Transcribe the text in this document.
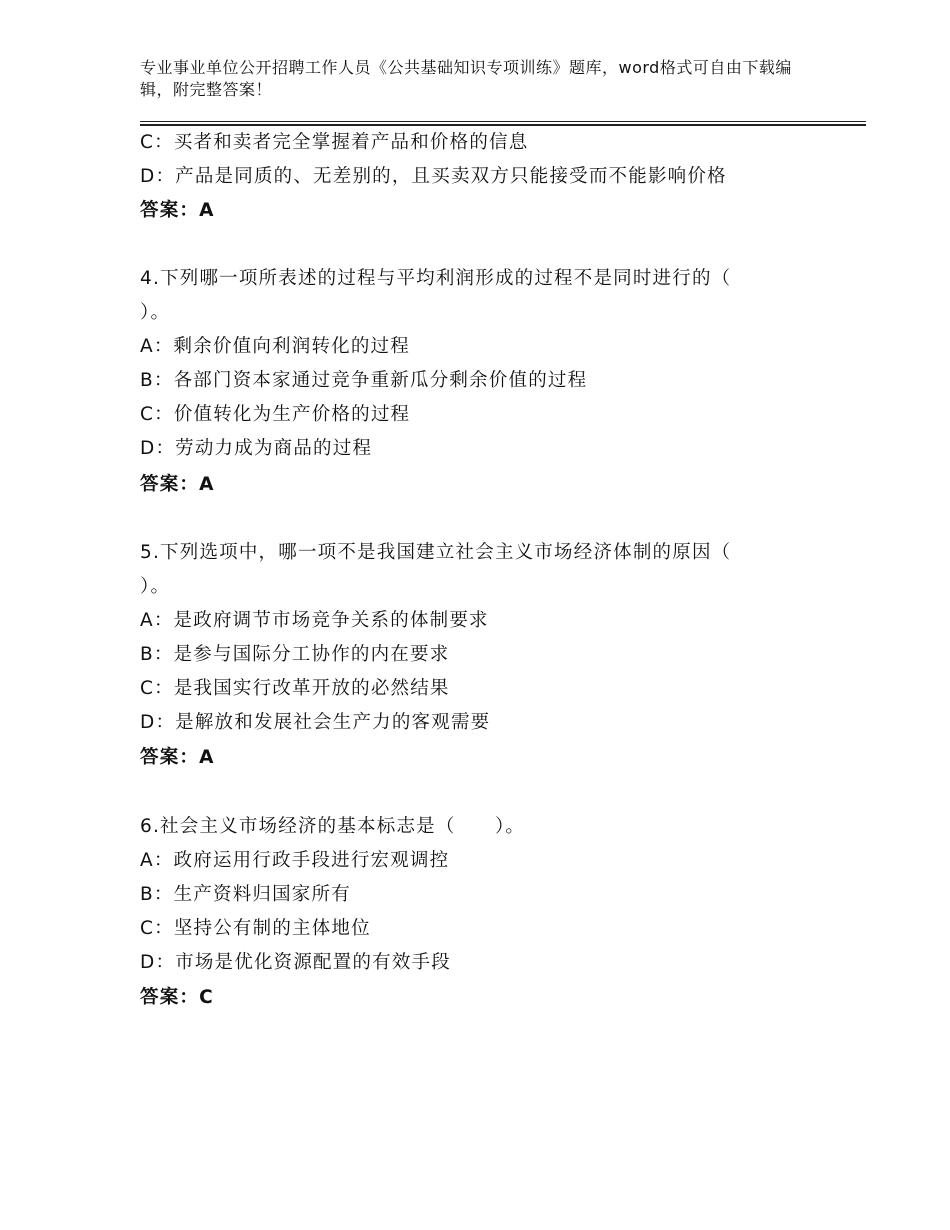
专业事业单位公开招聘工作人员《公共基础知识专项训练》题库，word格式可自由下载编辑，附完整答案！
C：买者和卖者完全掌握着产品和价格的信息
D：产品是同质的、无差别的，且买卖双方只能接受而不能影响价格
答案：A
4.下列哪一项所表述的过程与平均利润形成的过程不是同时进行的（
）。
A：剩余价值向利润转化的过程
B：各部门资本家通过竞争重新瓜分剩余价值的过程
C：价值转化为生产价格的过程
D：劳动力成为商品的过程
答案：A
5.下列选项中，哪一项不是我国建立社会主义市场经济体制的原因（
）。
A：是政府调节市场竞争关系的体制要求
B：是参与国际分工协作的内在要求
C：是我国实行改革开放的必然结果
D：是解放和发展社会生产力的客观需要
答案：A
6.社会主义市场经济的基本标志是（　　）。
A：政府运用行政手段进行宏观调控
B：生产资料归国家所有
C：坚持公有制的主体地位
D：市场是优化资源配置的有效手段
答案：C
